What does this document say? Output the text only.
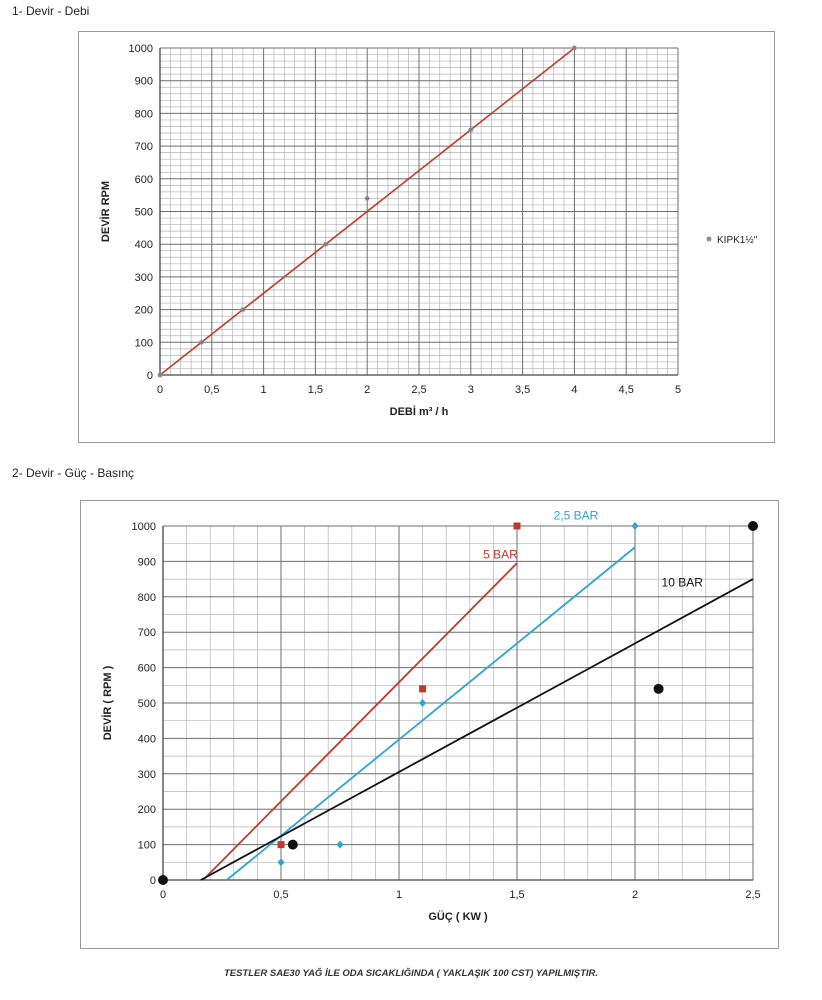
1- Devir - Debi
0	0,5	1	1,5	2	2,5	3	3,5	4	4,5	5
0
100
200
300
400
500
600
700
800
900
1000
DEBİ m³ / h
DEVİR RPM	KIPK1½"
2- Devir - Güç - Basınç
0	0,5	1	1,5	2	2,5
0
100
200
300
400
500
600
700
800
900
1000
GÜÇ ( KW )
DEVİR ( RPM )
5 BAR
2,5 BAR
10 BAR
TESTLER SAE30 YAĞ İLE ODA SICAKLIĞINDA ( YAKLAŞIK 100 CST) YAPILMIŞTIR.
